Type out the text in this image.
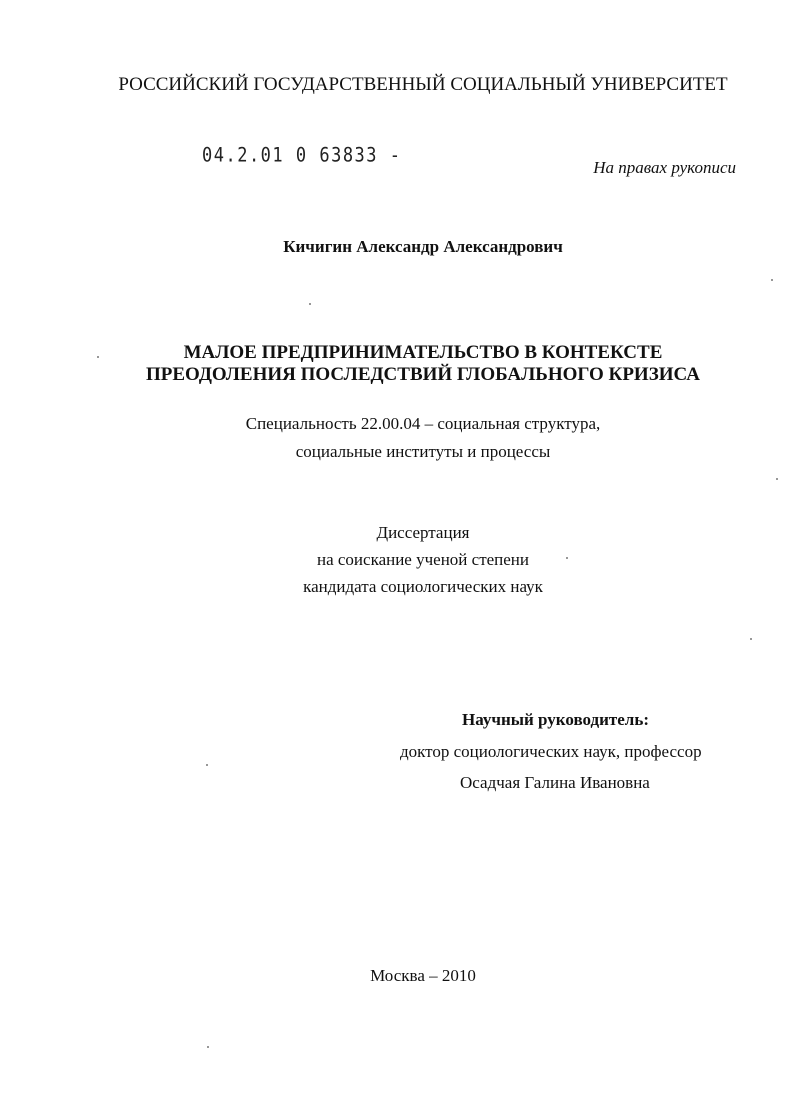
РОССИЙСКИЙ ГОСУДАРСТВЕННЫЙ СОЦИАЛЬНЫЙ УНИВЕРСИТЕТ
04.2.01 0 63833 -
На правах рукописи
Кичигин Александр Александрович
МАЛОЕ ПРЕДПРИНИМАТЕЛЬСТВО В КОНТЕКСТЕ
ПРЕОДОЛЕНИЯ ПОСЛЕДСТВИЙ ГЛОБАЛЬНОГО КРИЗИСА
Специальность 22.00.04 – социальная структура,
социальные институты и процессы
Диссертация
на соискание ученой степени
кандидата социологических наук
Научный руководитель:
доктор социологических наук, профессор
Осадчая Галина Ивановна
Москва – 2010
